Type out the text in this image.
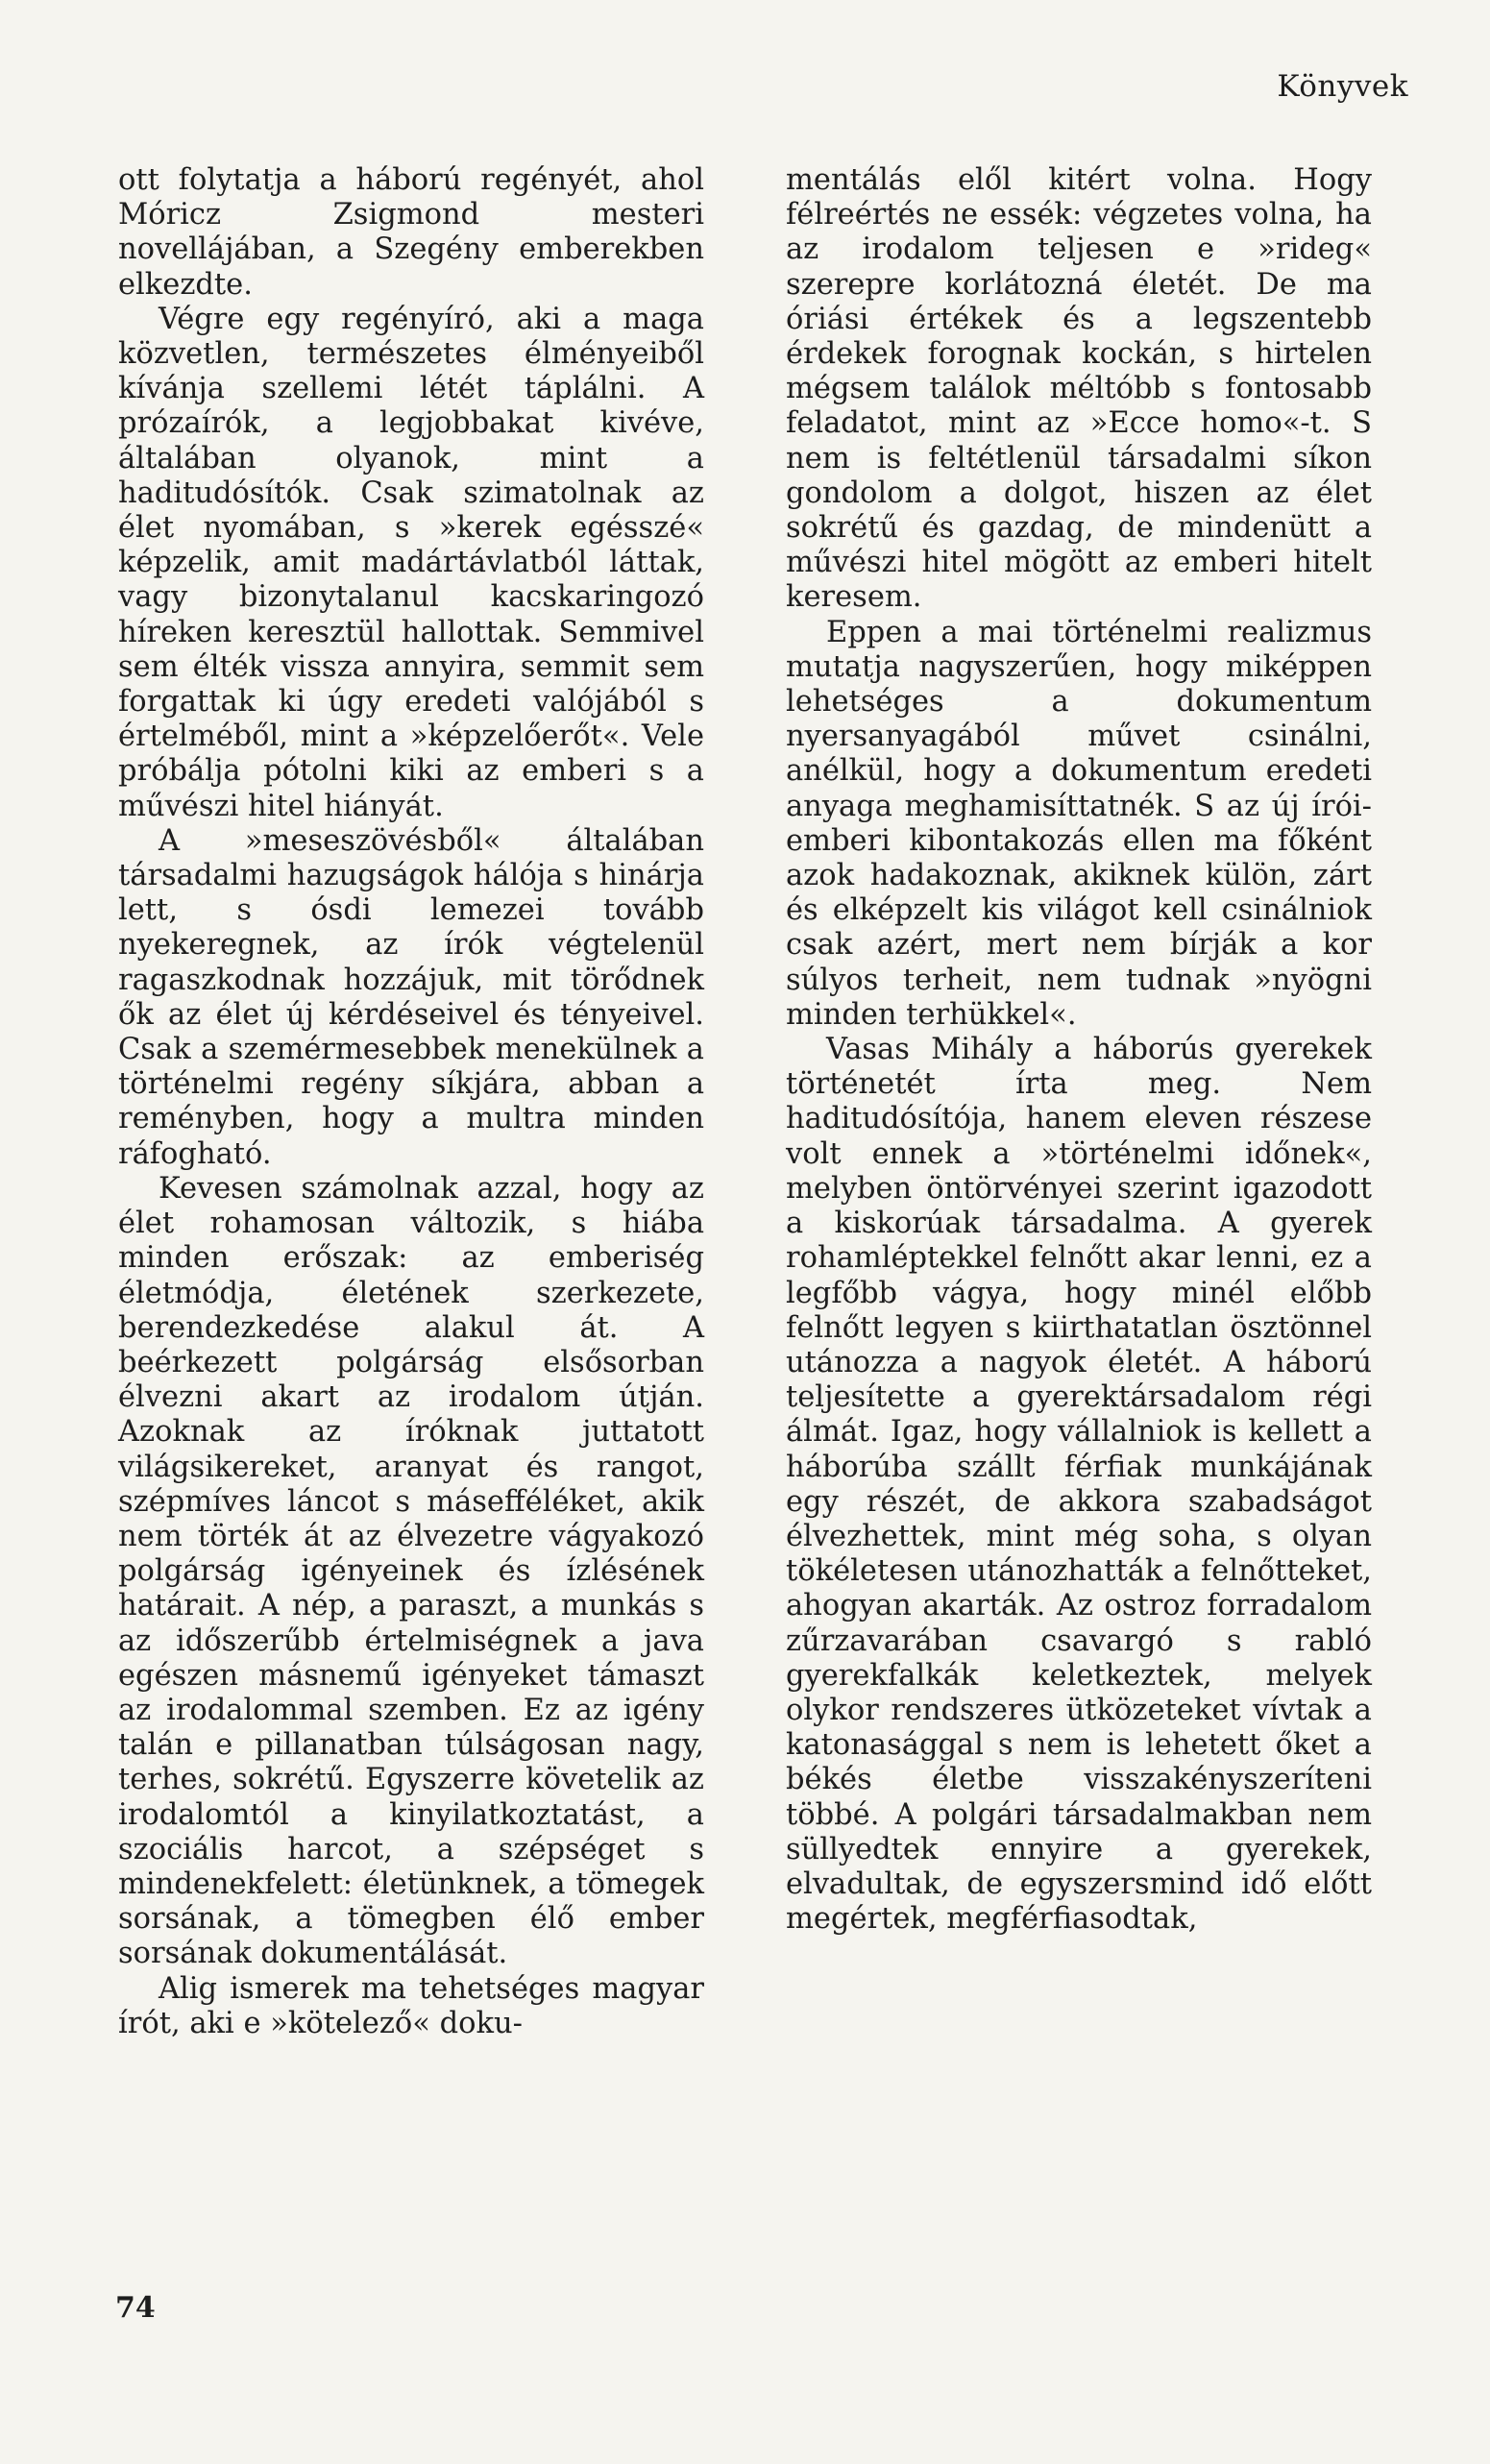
Könyvek

ott folytatja a háború regényét, ahol Móricz Zsigmond mesteri novellájában, a Szegény emberekben elkezdte.

Végre egy regényíró, aki a maga közvetlen, természetes élményeiből kívánja szellemi létét táplálni. A prózaírók, a legjobbakat kivéve, általában olyanok, mint a haditudósítók. Csak szimatolnak az élet nyomában, s »kerek egésszé« képzelik, amit madártávlatból láttak, vagy bizonytalanul kacskaringozó híreken keresztül hallottak. Semmivel sem élték vissza annyira, semmit sem forgattak ki úgy eredeti valójából s értelméből, mint a »képzelőerőt«. Vele próbálja pótolni kiki az emberi s a művészi hitel hiányát.

A »meseszövésből« általában társadalmi hazugságok hálója s hinárja lett, s ósdi lemezei tovább nyekeregnek, az írók végtelenül ragaszkodnak hozzájuk, mit törődnek ők az élet új kérdéseivel és tényeivel. Csak a szemérmesebbek menekülnek a történelmi regény síkjára, abban a reményben, hogy a multra minden ráfogható.

Kevesen számolnak azzal, hogy az élet rohamosan változik, s hiába minden erőszak: az emberiség életmódja, életének szerkezete, berendezkedése alakul át. A beérkezett polgárság elsősorban élvezni akart az irodalom útján. Azoknak az íróknak juttatott világsikereket, aranyat és rangot, szépmíves láncot s másefféléket, akik nem törték át az élvezetre vágyakozó polgárság igényeinek és ízlésének határait. A nép, a paraszt, a munkás s az időszerűbb értelmiségnek a java egészen másnemű igényeket támaszt az irodalommal szemben. Ez az igény talán e pillanatban túlságosan nagy, terhes, sokrétű. Egyszerre követelik az irodalomtól a kinyilatkoztatást, a szociális harcot, a szépséget s mindenekfelett: életünknek, a tömegek sorsának, a tömegben élő ember sorsának dokumentálását.

Alig ismerek ma tehetséges magyar írót, aki e »kötelező« doku-

mentálás elől kitért volna. Hogy félreértés ne essék: végzetes volna, ha az irodalom teljesen e »rideg« szerepre korlátozná életét. De ma óriási értékek és a legszentebb érdekek forognak kockán, s hirtelen mégsem találok méltóbb s fontosabb feladatot, mint az »Ecce homo«-t. S nem is feltétlenül társadalmi síkon gondolom a dolgot, hiszen az élet sokrétű és gazdag, de mindenütt a művészi hitel mögött az emberi hitelt keresem.

Eppen a mai történelmi realizmus mutatja nagyszerűen, hogy miképpen lehetséges a dokumentum nyersanyagából művet csinálni, anélkül, hogy a dokumentum eredeti anyaga meghamisíttatnék. S az új írói-emberi kibontakozás ellen ma főként azok hadakoznak, akiknek külön, zárt és elképzelt kis világot kell csinálniok csak azért, mert nem bírják a kor súlyos terheit, nem tudnak »nyögni minden terhükkel«.

Vasas Mihály a háborús gyerekek történetét írta meg. Nem haditudósítója, hanem eleven részese volt ennek a »történelmi időnek«, melyben öntörvényei szerint igazodott a kiskorúak társadalma. A gyerek rohamléptekkel felnőtt akar lenni, ez a legfőbb vágya, hogy minél előbb felnőtt legyen s kiirthatatlan ösztönnel utánozza a nagyok életét. A háború teljesítette a gyerektársadalom régi álmát. Igaz, hogy vállalniok is kellett a háborúba szállt férfiak munkájának egy részét, de akkora szabadságot élvezhettek, mint még soha, s olyan tökéletesen utánozhatták a felnőtteket, ahogyan akarták. Az ostroz forradalom zűrzavarában csavargó s rabló gyerekfalkák keletkeztek, melyek olykor rendszeres ütközeteket vívtak a katonasággal s nem is lehetett őket a békés életbe visszakényszeríteni többé. A polgári társadalmakban nem süllyedtek ennyire a gyerekek, elvadultak, de egyszersmind idő előtt megértek, megférfiasodtak,

74
